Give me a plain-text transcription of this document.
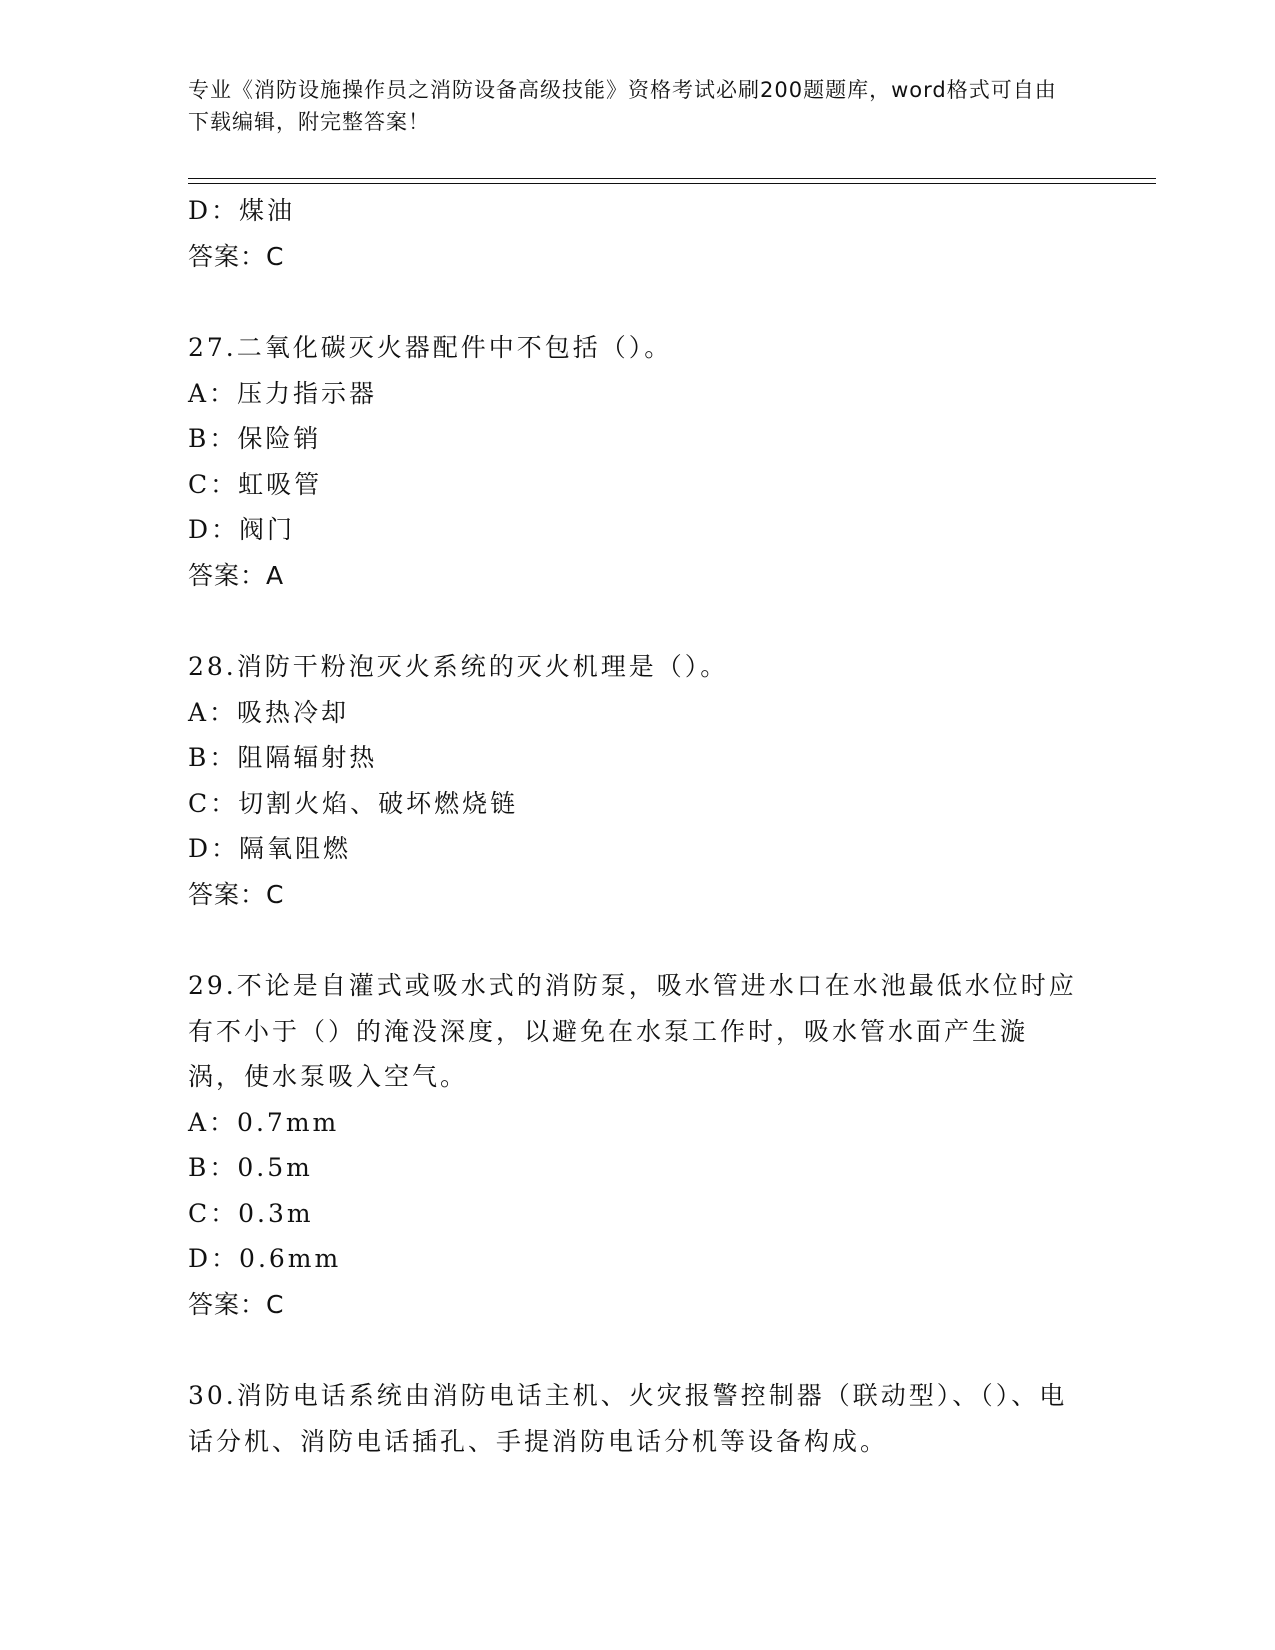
专业《消防设施操作员之消防设备高级技能》资格考试必刷200题题库，word格式可自由下载编辑，附完整答案！
D：煤油
答案：C
27.二氧化碳灭火器配件中不包括（）。
A：压力指示器
B：保险销
C：虹吸管
D：阀门
答案：A
28.消防干粉泡灭火系统的灭火机理是（）。
A：吸热冷却
B：阻隔辐射热
C：切割火焰、破坏燃烧链
D：隔氧阻燃
答案：C
29.不论是自灌式或吸水式的消防泵，吸水管进水口在水池最低水位时应有不小于（）的淹没深度，以避免在水泵工作时，吸水管水面产生漩涡，使水泵吸入空气。
A：0.7mm
B：0.5m
C：0.3m
D：0.6mm
答案：C
30.消防电话系统由消防电话主机、火灾报警控制器（联动型）、（）、电话分机、消防电话插孔、手提消防电话分机等设备构成。
